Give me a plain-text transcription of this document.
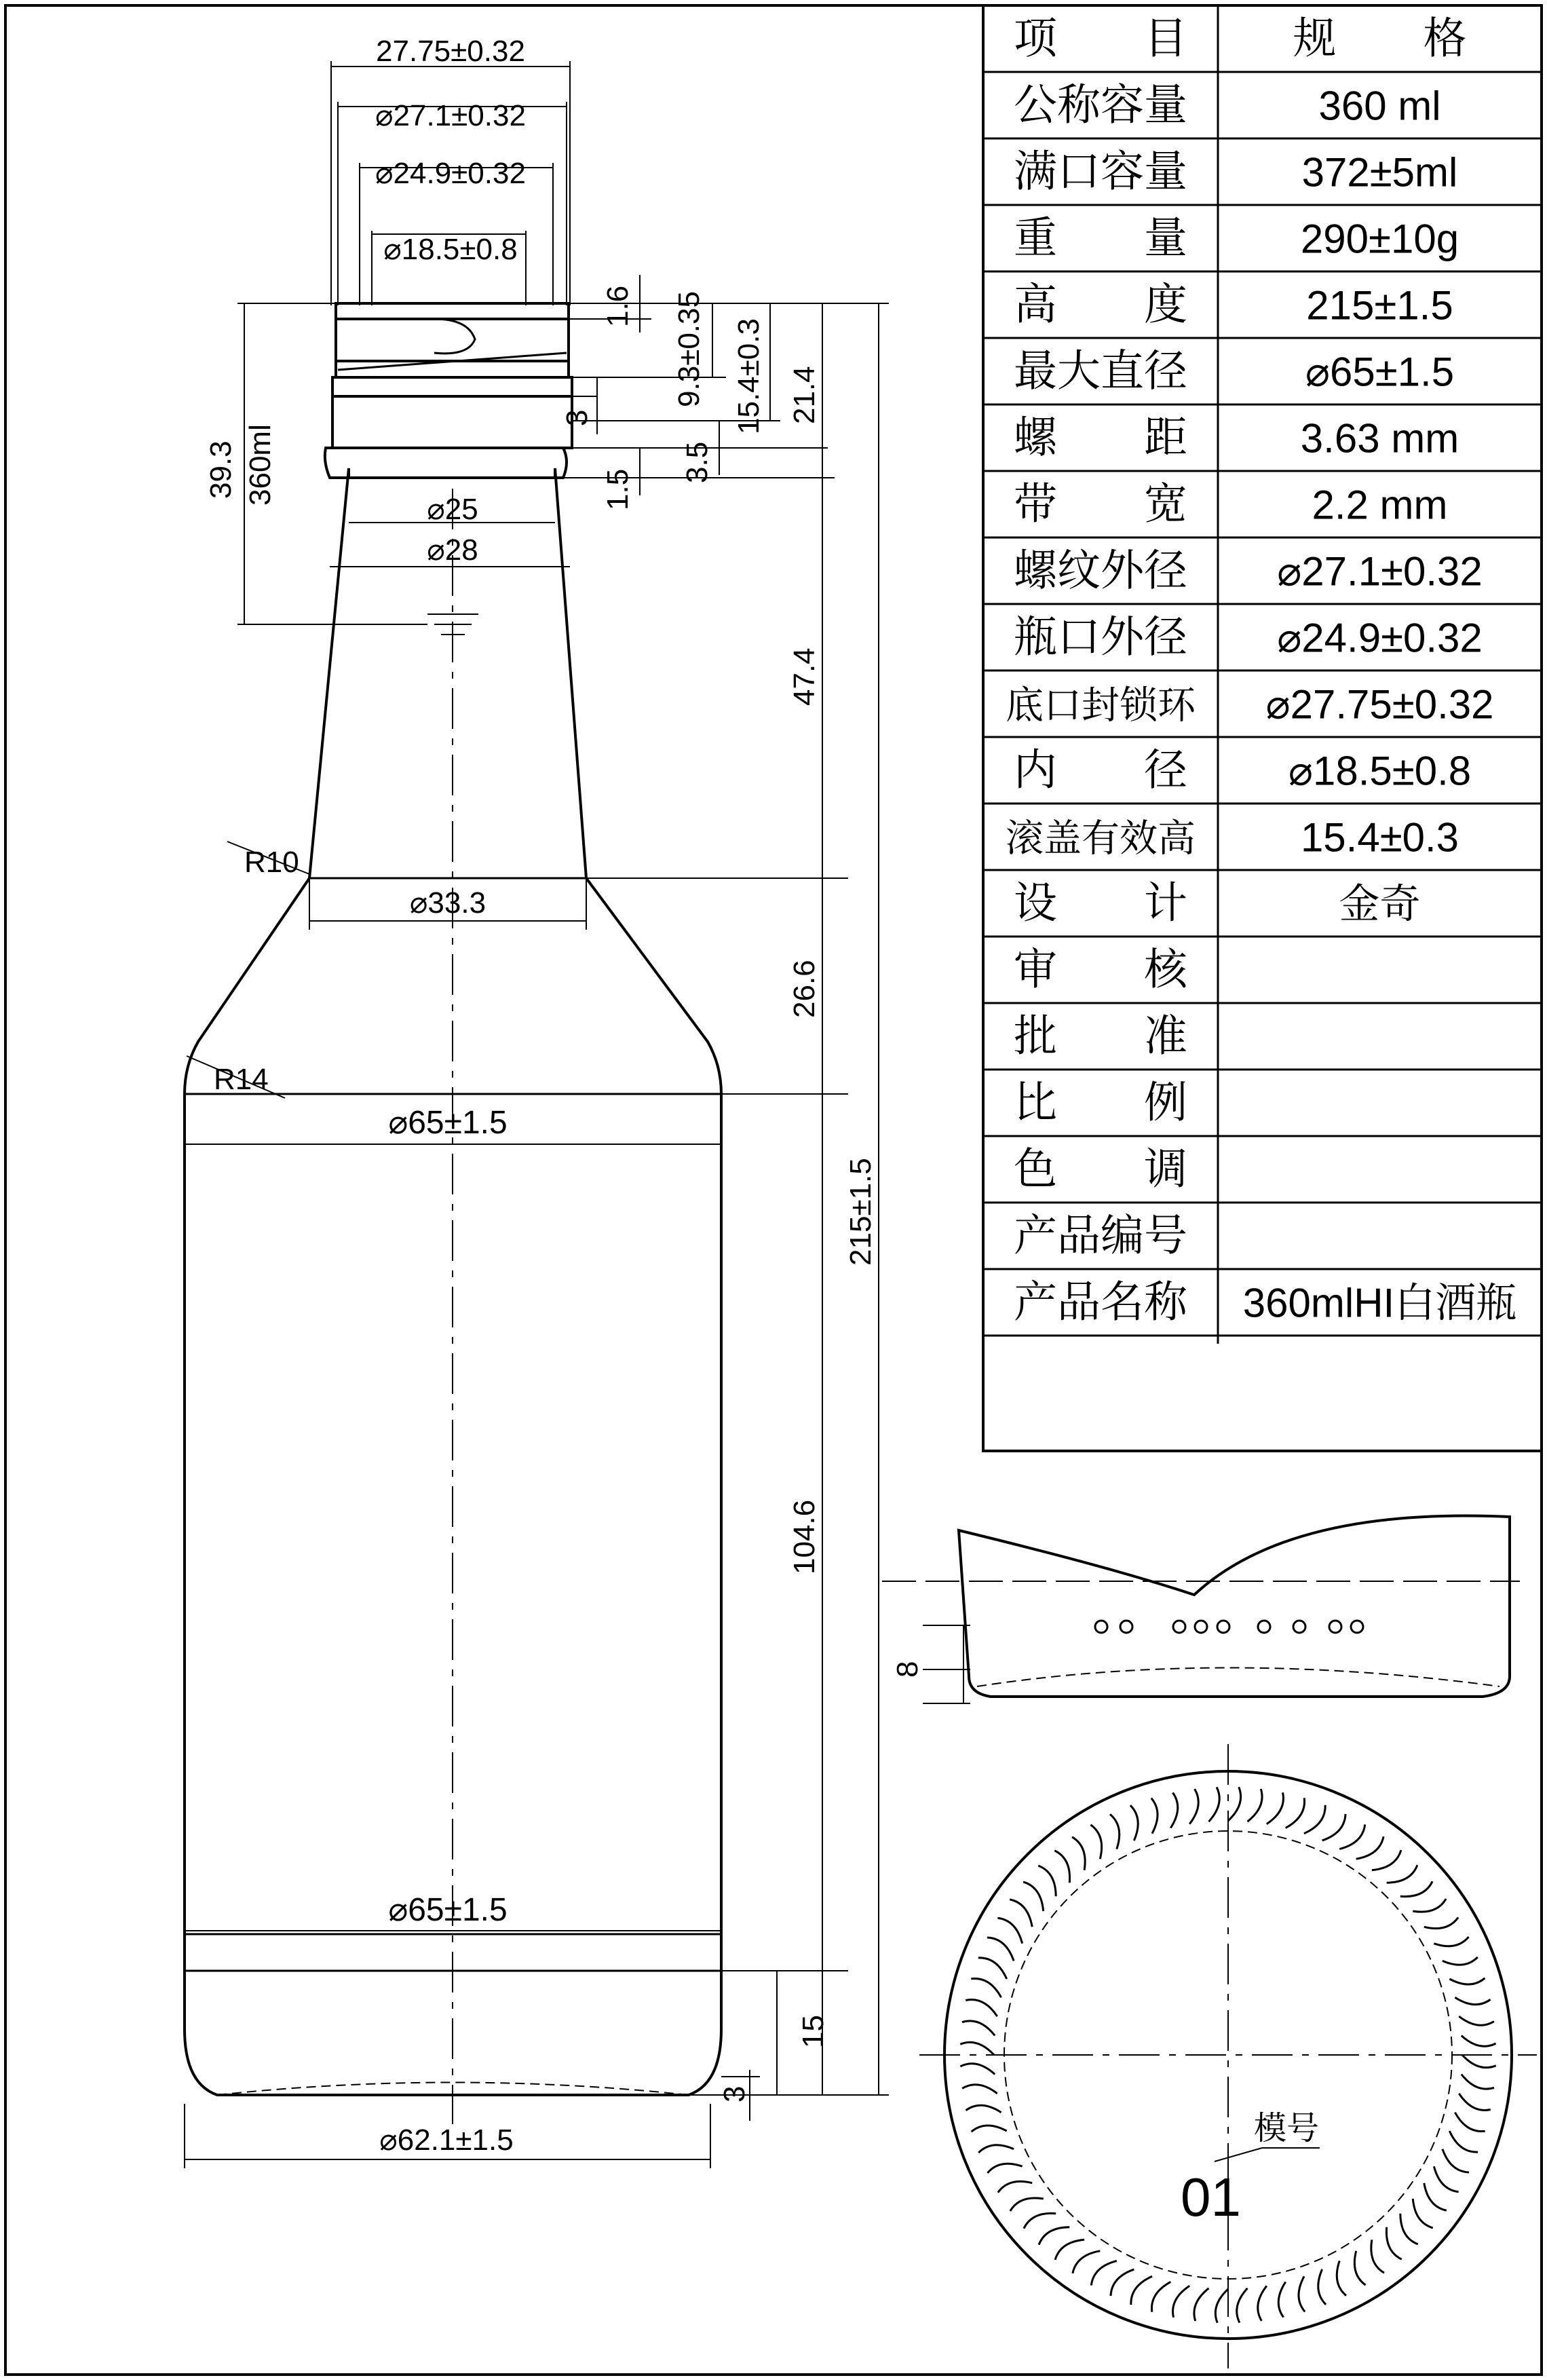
项　　目 规　　格
公称容量	360 ml
满口容量	372±5ml
重　　量	290±10g
高　　度	215±1.5
最大直径	⌀65±1.5
螺　　距	3.63 mm
带　　宽	2.2 mm
螺纹外径 ⌀27.1±0.32
瓶口外径 ⌀24.9±0.32
底口封锁环 ⌀27.75±0.32
内　　径 ⌀18.5±0.8
滚盖有效高	15.4±0.3
设　　计	金奇
审　　核
批　　准
比　　例
色　　调
产品编号
产品名称 360mlHI白酒瓶
27.75±0.32
⌀27.1±0.32
⌀24.9±0.32
⌀18.5±0.8
⌀25
⌀28
⌀33.3
⌀65±1.5
⌀65±1.5
⌀62.1±1.5
R10
R14
1.6 9.3±0.35 15.4±0.3 21.4
3
3.5
1.5
39.3 360ml
47.4
26.6
104.6
215±1.5
15
3
8
模号
01
